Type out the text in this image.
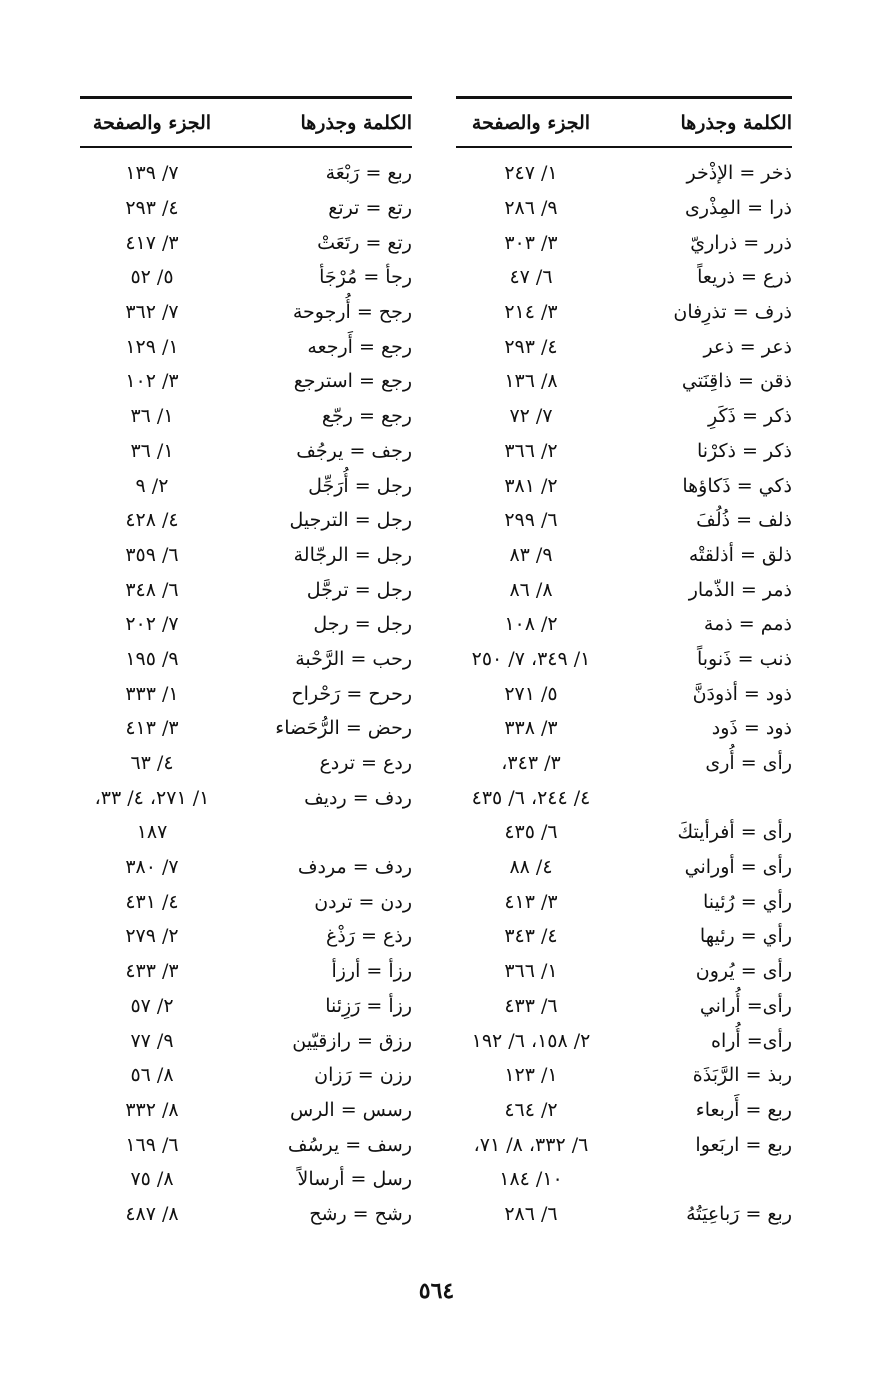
الكلمة وجذرها
الجزء والصفحة
ذخر = الإذْخر
١/ ٢٤٧
ذرا = المِذْرى
٩/ ٢٨٦
ذرر = ذراريّ
٣/ ٣٠٣
ذرع = ذريعاً
٦/ ٤٧
ذرف = تذرِفان
٣/ ٢١٤
ذعر = ذعر
٤/ ٢٩٣
ذقن = ذاقِنَتي
٨/ ١٣٦
ذكر = ذَكَرِ
٧/ ٧٢
ذكر = ذكرْنا
٢/ ٣٦٦
ذكي = ذَكاؤها
٢/ ٣٨١
ذلف = ذُلُفَ
٦/ ٢٩٩
ذلق = أذلقتْه
٩/ ٨٣
ذمر = الذّمار
٨/ ٨٦
ذمم = ذمة
٢/ ١٠٨
ذنب = ذَنوباً
١/ ٣٤٩، ٧/ ٢٥٠
ذود = أذودَنَّ
٥/ ٢٧١
ذود = ذَود
٣/ ٣٣٨
رأى = أُرى
٣/ ٣٤٣،
٤/ ٢٤٤، ٦/ ٤٣٥
رأى = أفرأيتكَ
٦/ ٤٣٥
رأى = أوراني
٤/ ٨٨
رأي = رُئينا
٣/ ٤١٣
رأي = رئيها
٤/ ٣٤٣
رأى = يُرون
١/ ٣٦٦
رأى= أُراني
٦/ ٤٣٣
رأى= أُراه
٢/ ١٥٨، ٦/ ١٩٢
ربذ = الرَّبَذَة
١/ ١٢٣
ربع = أَربعاء
٢/ ٤٦٤
ربع = اربَعوا
٦/ ٣٣٢، ٨/ ٧١،
١٠/ ١٨٤
ربع = رَباعِيَتُهُ
٦/ ٢٨٦
الكلمة وجذرها
الجزء والصفحة
ربع = رَبْعَة
٧/ ١٣٩
رتع = ترتع
٤/ ٢٩٣
رتع = رتَعَتْ
٣/ ٤١٧
رجأ = مُرْجَأ
٥/ ٥٢
رجح = أُرجوحة
٧/ ٣٦٢
رجع = أَرجعه
١/ ١٢٩
رجع = استرجع
٣/ ١٠٢
رجع = رجّع
١/ ٣٦
رجف = يرجُف
١/ ٣٦
رجل = أُرَجِّل
٢/ ٩
رجل = الترجيل
٤/ ٤٢٨
رجل = الرجّالة
٦/ ٣٥٩
رجل = ترجَّل
٦/ ٣٤٨
رجل = رجل
٧/ ٢٠٢
رحب = الرَّحْبة
٩/ ١٩٥
رحرح = رَحْراح
١/ ٣٣٣
رحض = الرُّحَضاء
٣/ ٤١٣
ردع = تردع
٤/ ٦٣
ردف = رديف
١/ ٢٧١، ٤/ ٣٣،
١٨٧
ردف = مردف
٧/ ٣٨٠
ردن = تردن
٤/ ٤٣١
رذع = رَذْغ
٢/ ٢٧٩
رزأ = أرزأ
٣/ ٤٣٣
رزأ = رَزِئنا
٢/ ٥٧
رزق = رازقيّين
٩/ ٧٧
رزن = رَزان
٨/ ٥٦
رسس = الرس
٨/ ٣٣٢
رسف = يرسُف
٦/ ١٦٩
رسل = أرسالاً
٨/ ٧٥
رشح = رشح
٨/ ٤٨٧
٥٦٤
